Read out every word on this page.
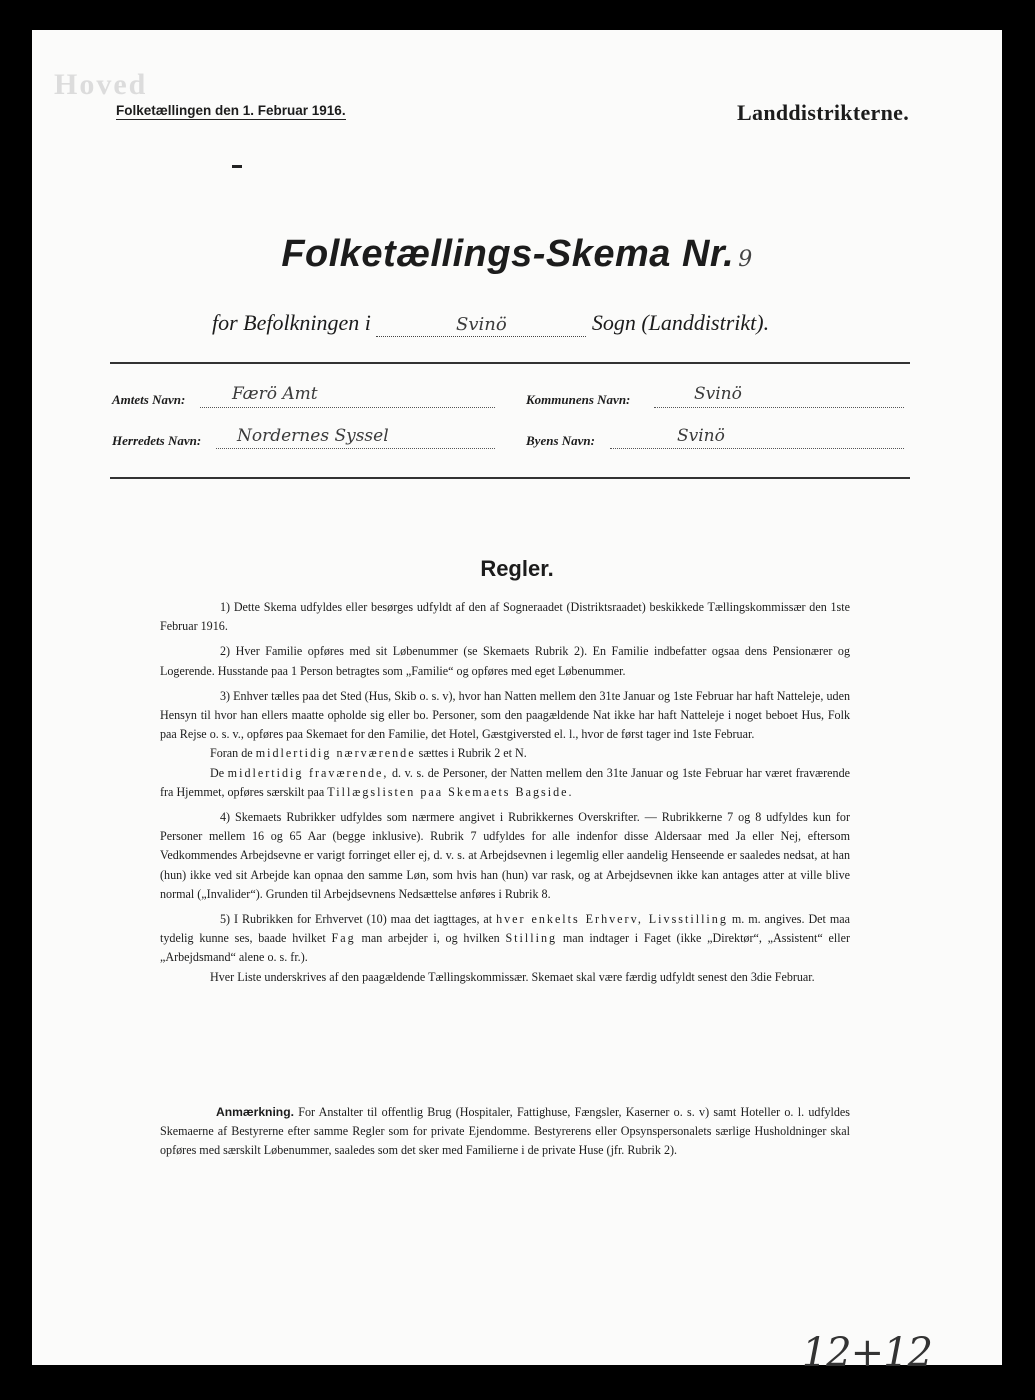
Hoved
Folketællingen den 1. Februar 1916.	Landdistrikterne.
Folketællings-Skema Nr. 9
for Befolkningen i	Svinö	Sogn (Landdistrikt).
Amtets Navn:	Færö Amt	Kommunens Navn:	Svinö
Herredets Navn: Nordernes Syssel	Byens Navn:	Svinö
Regler.

1) Dette Skema udfyldes eller besørges udfyldt af den af Sogneraadet (Distriktsraadet) beskikkede Tællingskommissær den 1ste Februar 1916.

2) Hver Familie opføres med sit Løbenummer (se Skemaets Rubrik 2). En Familie indbefatter ogsaa dens Pensionærer og Logerende. Husstande paa 1 Person betragtes som „Familie“ og opføres med eget Løbenummer.

3) Enhver tælles paa det Sted (Hus, Skib o. s. v), hvor han Natten mellem den 31te Januar og 1ste Februar har haft Natteleje, uden Hensyn til hvor han ellers maatte opholde sig eller bo. Personer, som den paagældende Nat ikke har haft Natteleje i noget beboet Hus, Folk paa Rejse o. s. v., opføres paa Skemaet for den Familie, det Hotel, Gæstgiversted el. l., hvor de først tager ind 1ste Februar.

Foran de midlertidig nærværende sættes i Rubrik 2 et N.

De midlertidig fraværende, d. v. s. de Personer, der Natten mellem den 31te Januar og 1ste Februar har været fraværende fra Hjemmet, opføres særskilt paa Tillægslisten paa Skemaets Bagside.

4) Skemaets Rubrikker udfyldes som nærmere angivet i Rubrikkernes Overskrifter. — Rubrikkerne 7 og 8 udfyldes kun for Personer mellem 16 og 65 Aar (begge inklusive). Rubrik 7 udfyldes for alle indenfor disse Aldersaar med Ja eller Nej, eftersom Vedkommendes Arbejdsevne er varigt forringet eller ej, d. v. s. at Arbejdsevnen i legemlig eller aandelig Henseende er saaledes nedsat, at han (hun) ikke ved sit Arbejde kan opnaa den samme Løn, som hvis han (hun) var rask, og at Arbejdsevnen ikke kan antages atter at ville blive normal („Invalider“). Grunden til Arbejdsevnens Nedsættelse anføres i Rubrik 8.

5) I Rubrikken for Erhvervet (10) maa det iagttages, at hver enkelts Erhverv, Livsstilling m. m. angives. Det maa tydelig kunne ses, baade hvilket Fag man arbejder i, og hvilken Stilling man indtager i Faget (ikke „Direktør“, „Assistent“ eller „Arbejdsmand“ alene o. s. fr.).

Hver Liste underskrives af den paagældende Tællingskommissær. Skemaet skal være færdig udfyldt senest den 3die Februar.

Anmærkning. For Anstalter til offentlig Brug (Hospitaler, Fattighuse, Fængsler, Kaserner o. s. v) samt Hoteller o. l. udfyldes Skemaerne af Bestyrerne efter samme Regler som for private Ejendomme. Bestyrerens eller Opsynspersonalets særlige Husholdninger skal opføres med særskilt Løbenummer, saaledes som det sker med Familierne i de private Huse (jfr. Rubrik 2).
12+12
